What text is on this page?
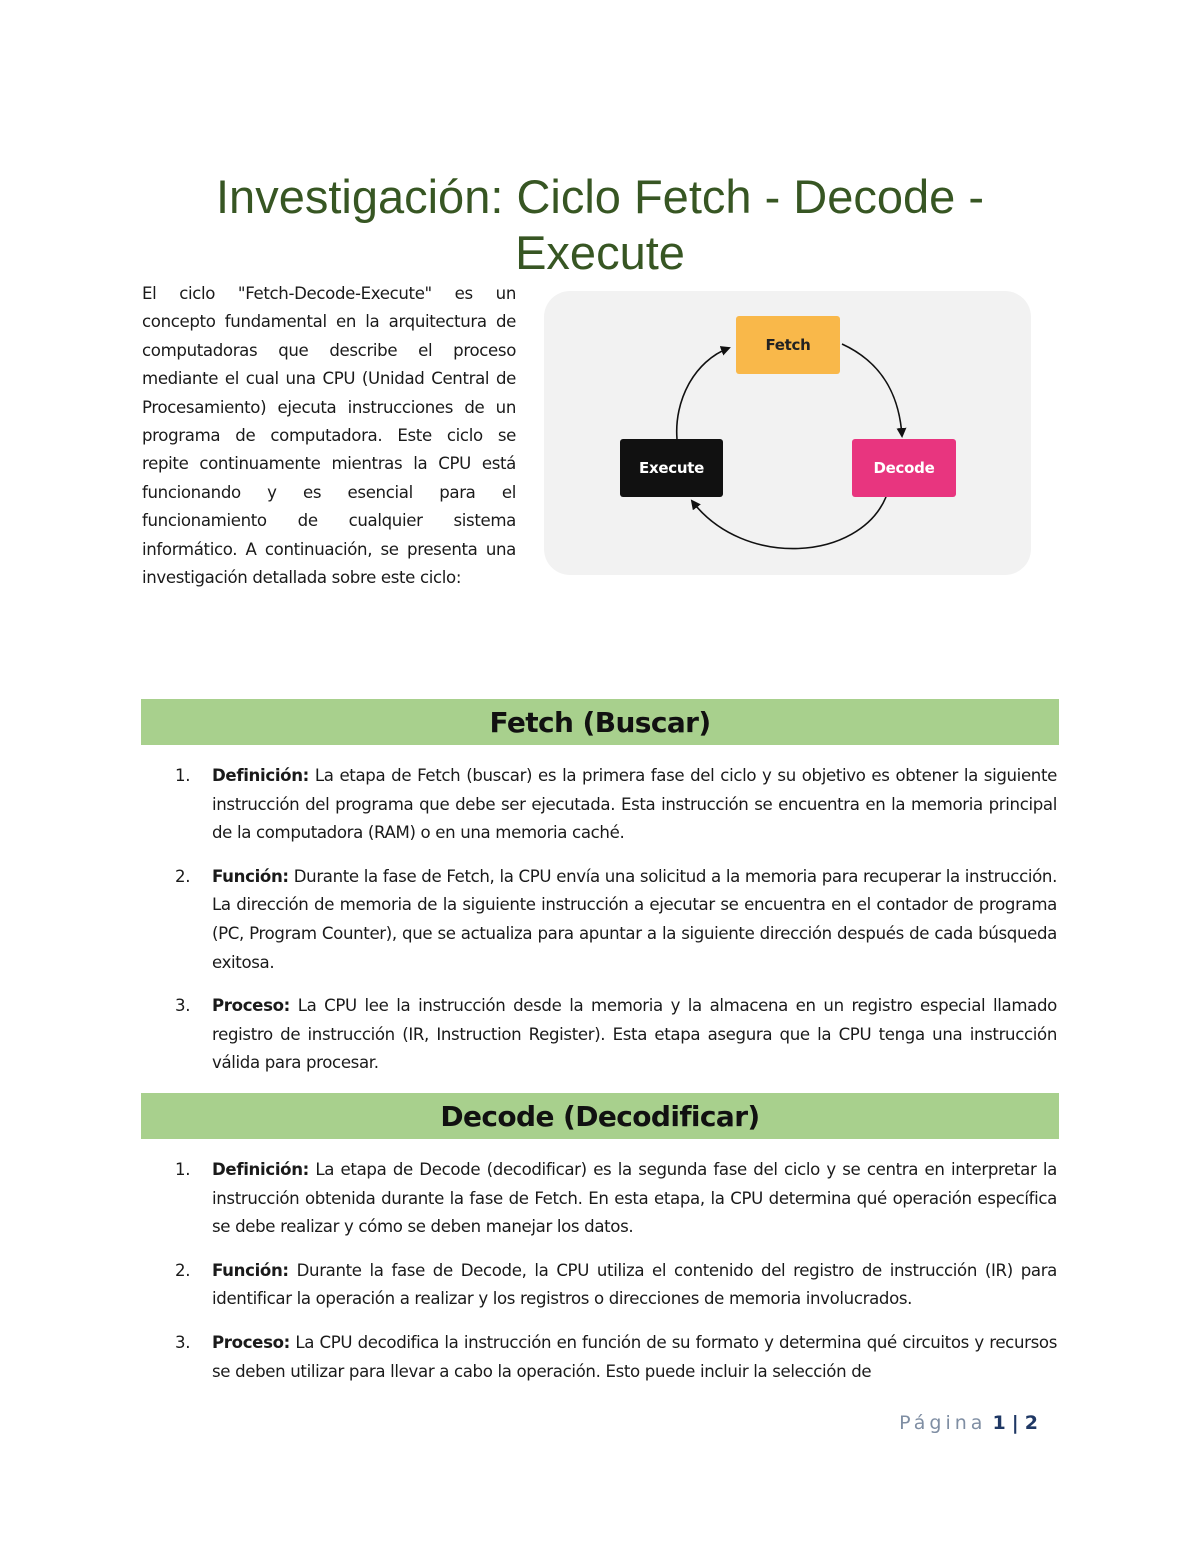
Investigación: Ciclo Fetch - Decode - Execute

El ciclo "Fetch-Decode-Execute" es un concepto fundamental en la arquitectura de computadoras que describe el proceso mediante el cual una CPU (Unidad Central de Procesamiento) ejecuta instrucciones de un programa de computadora. Este ciclo se repite continuamente mientras la CPU está funcionando y es esencial para el funcionamiento de cualquier sistema informático. A continuación, se presenta una investigación detallada sobre este ciclo:

Fetch
Decode
Execute
Fetch (Buscar)
1. Definición: La etapa de Fetch (buscar) es la primera fase del ciclo y su objetivo es obtener la siguiente instrucción del programa que debe ser ejecutada. Esta instrucción se encuentra en la memoria principal de la computadora (RAM) o en una memoria caché.
2. Función: Durante la fase de Fetch, la CPU envía una solicitud a la memoria para recuperar la instrucción. La dirección de memoria de la siguiente instrucción a ejecutar se encuentra en el contador de programa (PC, Program Counter), que se actualiza para apuntar a la siguiente dirección después de cada búsqueda exitosa.
3. Proceso: La CPU lee la instrucción desde la memoria y la almacena en un registro especial llamado registro de instrucción (IR, Instruction Register). Esta etapa asegura que la CPU tenga una instrucción válida para procesar.
Decode (Decodificar)
1. Definición: La etapa de Decode (decodificar) es la segunda fase del ciclo y se centra en interpretar la instrucción obtenida durante la fase de Fetch. En esta etapa, la CPU determina qué operación específica se debe realizar y cómo se deben manejar los datos.
2. Función: Durante la fase de Decode, la CPU utiliza el contenido del registro de instrucción (IR) para identificar la operación a realizar y los registros o direcciones de memoria involucrados.
3. Proceso: La CPU decodifica la instrucción en función de su formato y determina qué circuitos y recursos se deben utilizar para llevar a cabo la operación. Esto puede incluir la selección de
Página 1 | 2
